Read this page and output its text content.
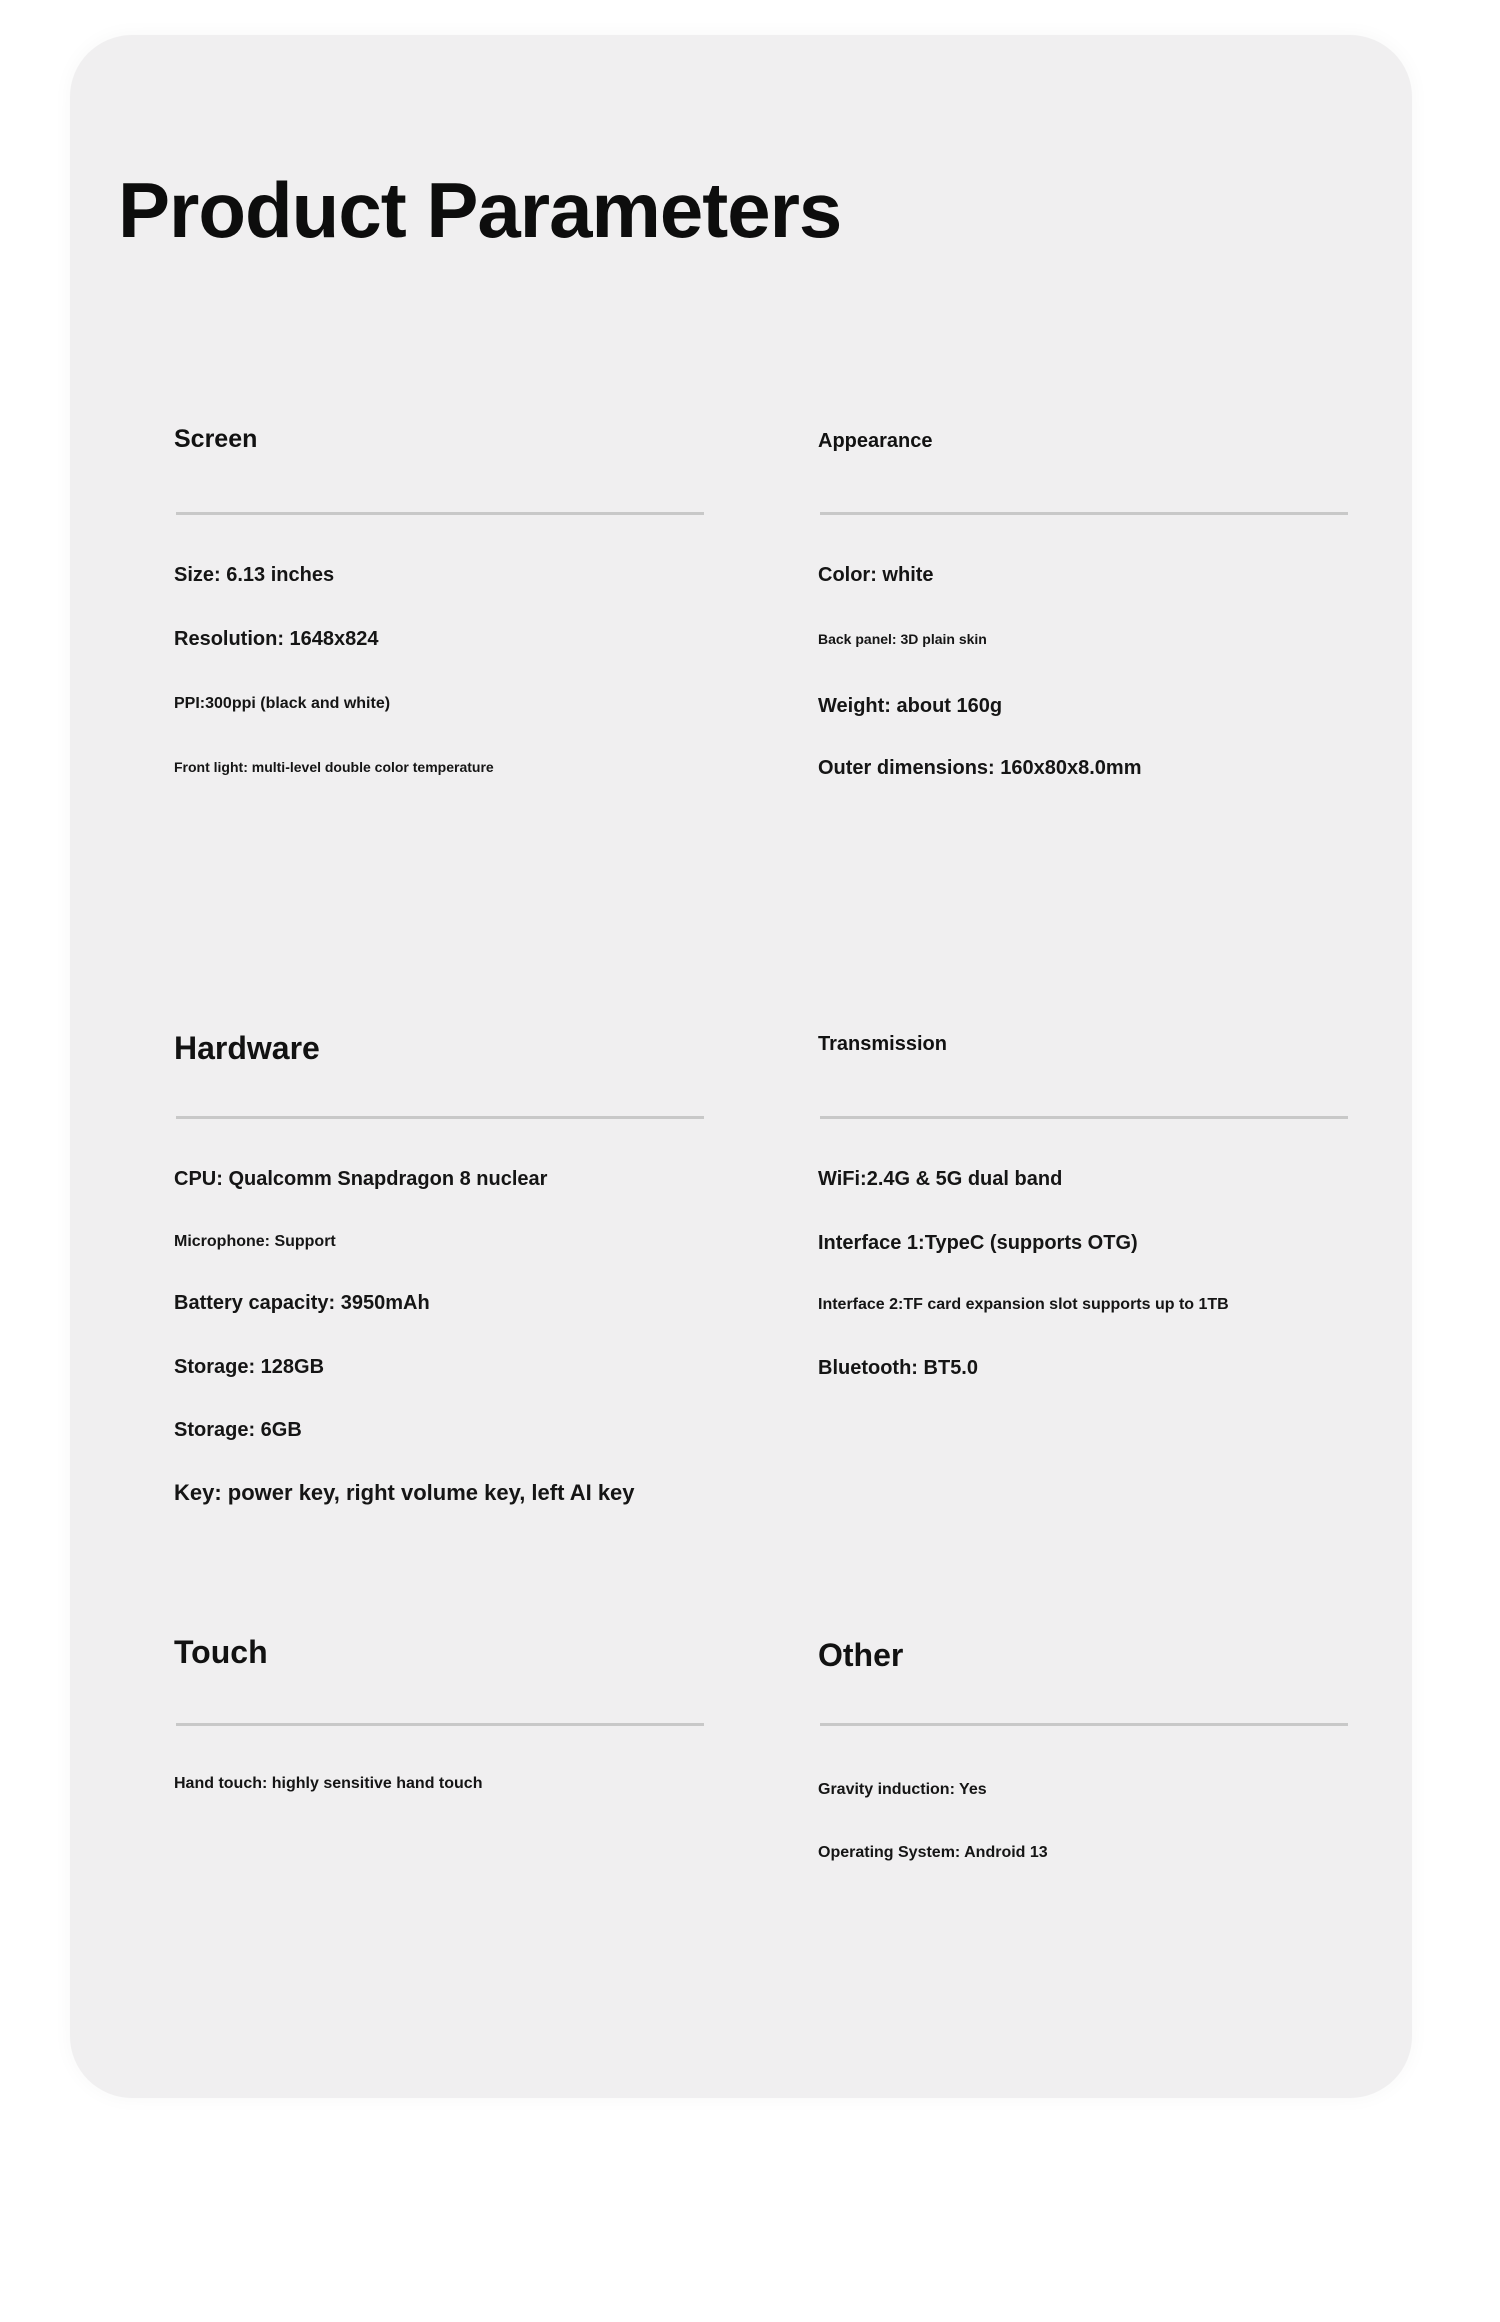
Product Parameters
Screen

Size: 6.13 inches

Resolution: 1648x824

PPI:300ppi (black and white)

Front light: multi-level double color temperature

Appearance

Color: white

Back panel: 3D plain skin

Weight: about 160g

Outer dimensions: 160x80x8.0mm

Hardware

CPU: Qualcomm Snapdragon 8 nuclear

Microphone: Support

Battery capacity: 3950mAh

Storage: 128GB

Storage: 6GB

Key: power key, right volume key, left AI key

Transmission

WiFi:2.4G & 5G dual band

Interface 1:TypeC (supports OTG)

Interface 2:TF card expansion slot supports up to 1TB

Bluetooth: BT5.0

Touch

Hand touch: highly sensitive hand touch

Other

Gravity induction: Yes

Operating System: Android 13
